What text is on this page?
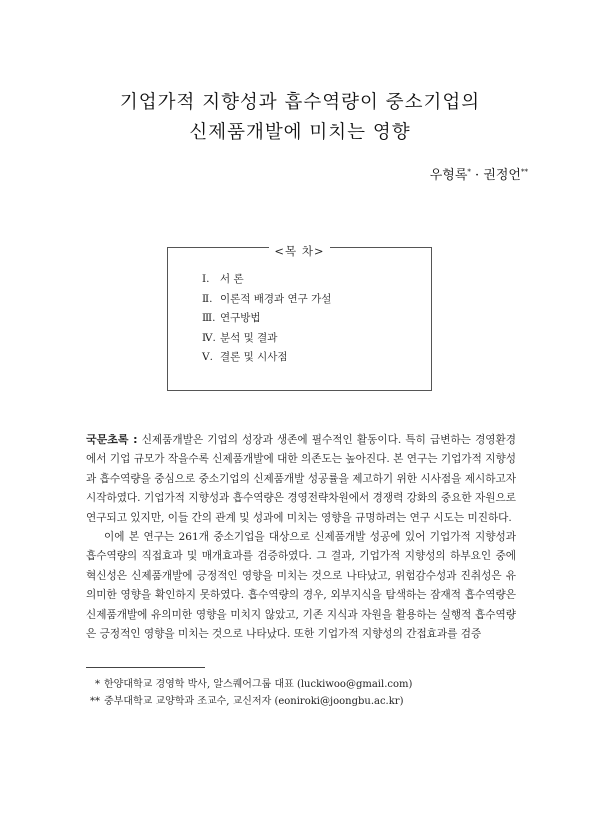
기업가적 지향성과 흡수역량이 중소기업의
신제품개발에 미치는 영향
우형록* · 권정언**
<목 차>
Ⅰ. 서 론
Ⅱ. 이론적 배경과 연구 가설
Ⅲ. 연구방법
Ⅳ. 분석 및 결과
Ⅴ. 결론 및 시사점

국문초록 : 신제품개발은 기업의 성장과 생존에 필수적인 활동이다. 특히 급변하는 경영환경에서 기업 규모가 작을수록 신제품개발에 대한 의존도는 높아진다. 본 연구는 기업가적 지향성과 흡수역량을 중심으로 중소기업의 신제품개발 성공률을 제고하기 위한 시사점을 제시하고자 시작하였다. 기업가적 지향성과 흡수역량은 경영전략차원에서 경쟁력 강화의 중요한 자원으로 연구되고 있지만, 이들 간의 관계 및 성과에 미치는 영향을 규명하려는 연구 시도는 미진하다.

이에 본 연구는 261개 중소기업을 대상으로 신제품개발 성공에 있어 기업가적 지향성과 흡수역량의 직접효과 및 매개효과를 검증하였다. 그 결과, 기업가적 지향성의 하부요인 중에 혁신성은 신제품개발에 긍정적인 영향을 미치는 것으로 나타났고, 위험감수성과 진취성은 유의미한 영향을 확인하지 못하였다. 흡수역량의 경우, 외부지식을 탐색하는 잠재적 흡수역량은 신제품개발에 유의미한 영향을 미치지 않았고, 기존 지식과 자원을 활용하는 실행적 흡수역량은 긍정적인 영향을 미치는 것으로 나타났다. 또한 기업가적 지향성의 간접효과를 검증

* 한양대학교 경영학 박사, 알스퀘어그룹 대표 (luckiwoo@gmail.com)
** 중부대학교 교양학과 조교수, 교신저자 (eoniroki@joongbu.ac.kr)
